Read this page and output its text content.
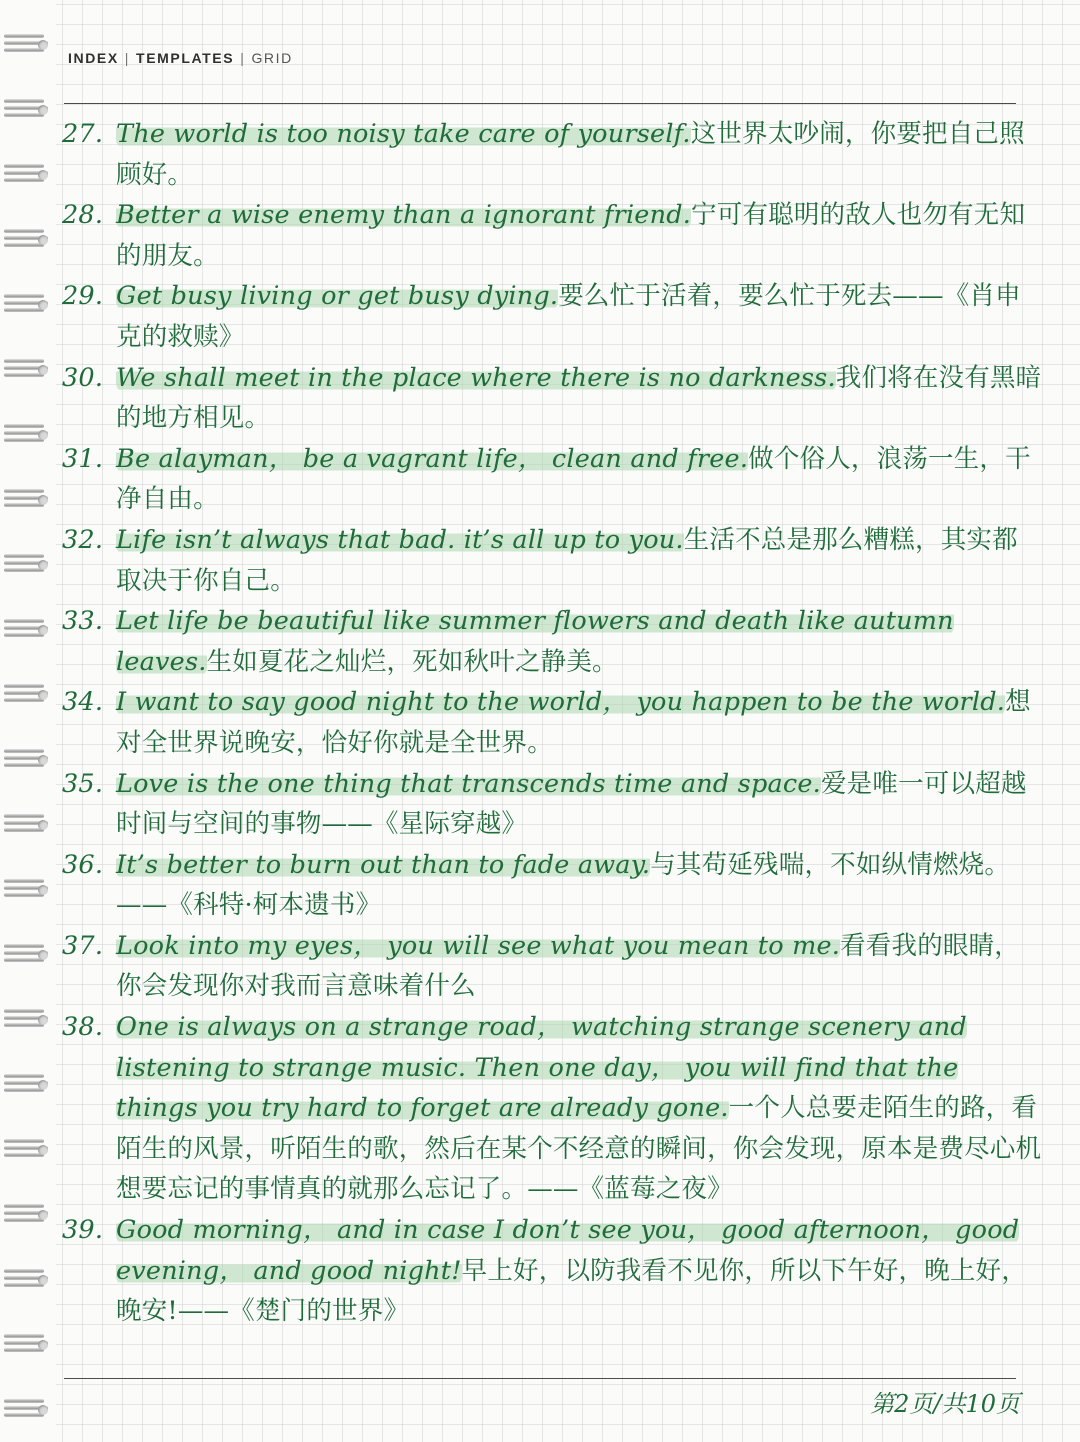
INDEX | TEMPLATES | GRID
27. The world is too noisy take care of yourself.这世界太吵闹，你要把自己照顾好。
28. Better a wise enemy than a ignorant friend.宁可有聪明的敌人也勿有无知的朋友。
29. Get busy living or get busy dying.要么忙于活着，要么忙于死去——《肖申克的救赎》
30. We shall meet in the place where there is no darkness.我们将在没有黑暗的地方相见。
31. Be alayman， be a vagrant life， clean and free.做个俗人，浪荡一生，干净自由。
32. Life isn’t always that bad. it’s all up to you.生活不总是那么糟糕，其实都取决于你自己。
33. Let life be beautiful like summer flowers and death like autumn leaves.生如夏花之灿烂，死如秋叶之静美。
34. I want to say good night to the world， you happen to be the world.想对全世界说晚安，恰好你就是全世界。
35. Love is the one thing that transcends time and space.爱是唯一可以超越时间与空间的事物——《星际穿越》
36. It’s better to burn out than to fade away.与其苟延残喘，不如纵情燃烧。——《科特·柯本遗书》
37. Look into my eyes， you will see what you mean to me.看看我的眼睛，你会发现你对我而言意味着什么
38. One is always on a strange road， watching strange scenery and listening to strange music. Then one day， you will find that the things you try hard to forget are already gone.一个人总要走陌生的路，看陌生的风景，听陌生的歌，然后在某个不经意的瞬间，你会发现，原本是费尽心机想要忘记的事情真的就那么忘记了。——《蓝莓之夜》
39. Good morning， and in case I don’t see you， good afternoon， good evening， and good night!早上好，以防我看不见你，所以下午好，晚上好，晚安!——《楚门的世界》
第2页/共10页
